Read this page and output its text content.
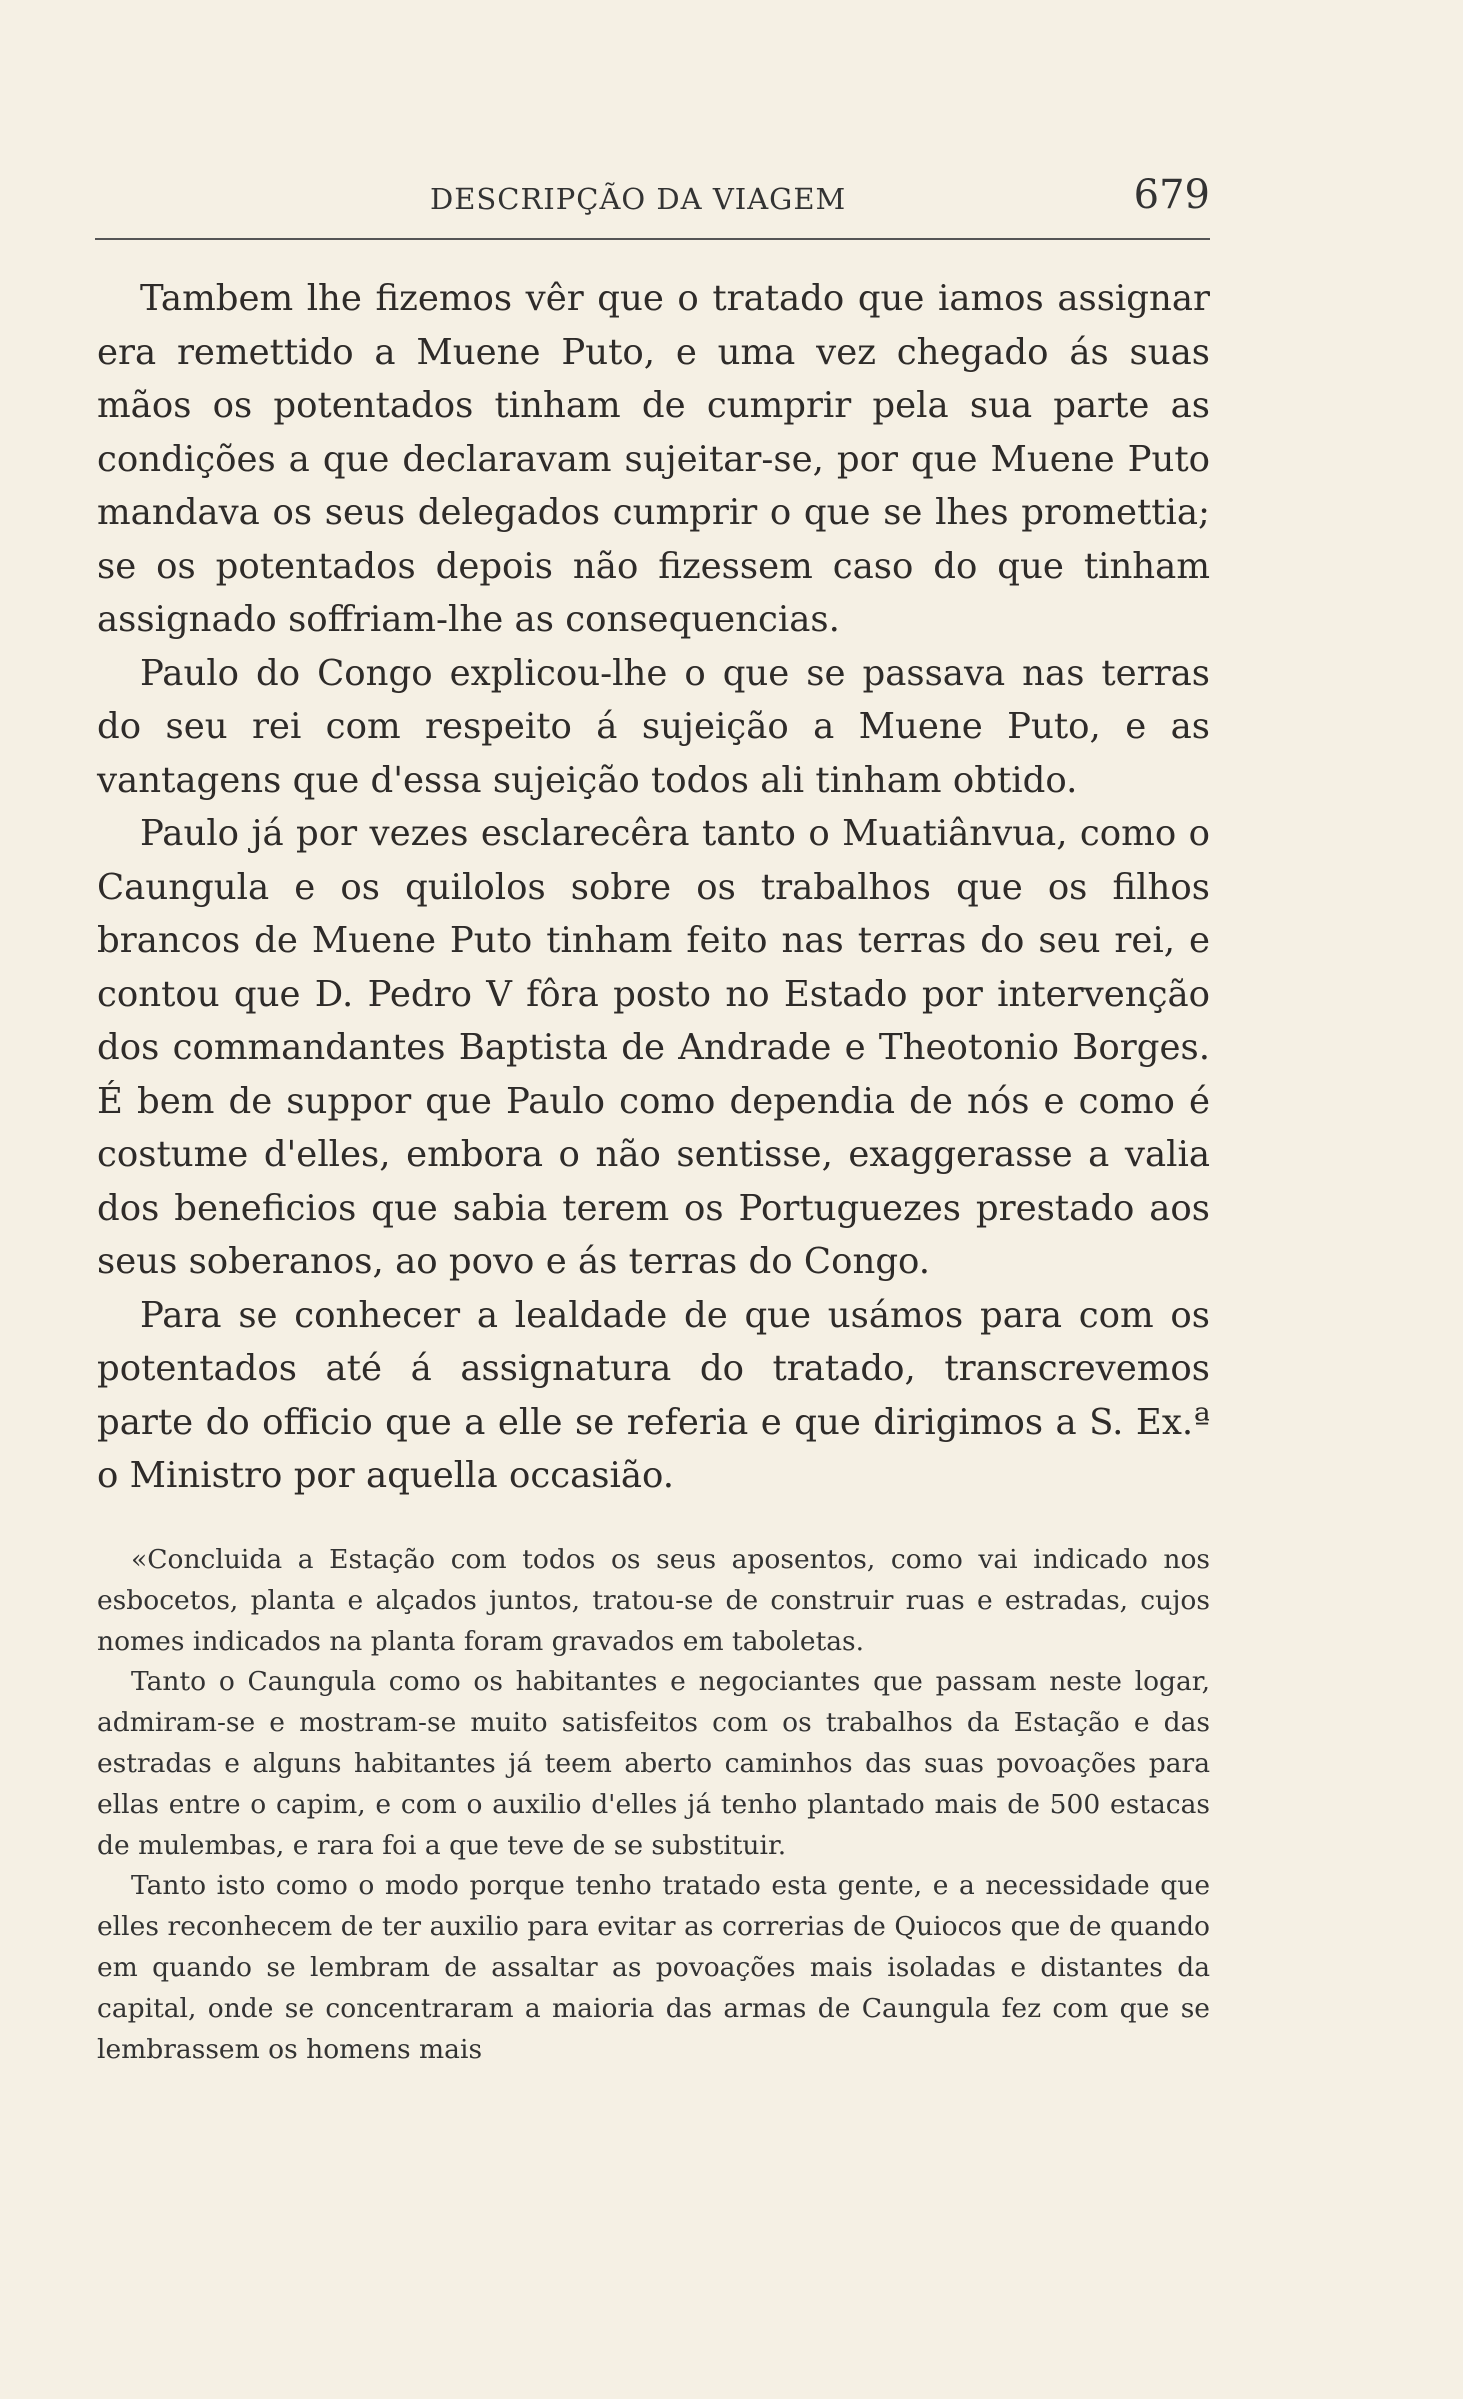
DESCRIPÇÃO DA VIAGEM	679

Tambem lhe fizemos vêr que o tratado que iamos assignar era remettido a Muene Puto, e uma vez chegado ás suas mãos os potentados tinham de cumprir pela sua parte as condições a que declaravam sujeitar-se, por que Muene Puto mandava os seus delegados cumprir o que se lhes promettia; se os potentados depois não fizessem caso do que tinham assignado soffriam-lhe as consequencias.

Paulo do Congo explicou-lhe o que se passava nas terras do seu rei com respeito á sujeição a Muene Puto, e as vantagens que d'essa sujeição todos ali tinham obtido.

Paulo já por vezes esclarecêra tanto o Muatiânvua, como o Caungula e os quilolos sobre os trabalhos que os filhos brancos de Muene Puto tinham feito nas terras do seu rei, e contou que D. Pedro V fôra posto no Estado por intervenção dos commandantes Baptista de Andrade e Theotonio Borges. É bem de suppor que Paulo como dependia de nós e como é costume d'elles, embora o não sentisse, exaggerasse a valia dos beneficios que sabia terem os Portuguezes prestado aos seus soberanos, ao povo e ás terras do Congo.

Para se conhecer a lealdade de que usámos para com os potentados até á assignatura do tratado, transcrevemos parte do officio que a elle se referia e que dirigimos a S. Ex.ª o Ministro por aquella occasião.

«Concluida a Estação com todos os seus aposentos, como vai indicado nos esbocetos, planta e alçados juntos, tratou-se de construir ruas e estradas, cujos nomes indicados na planta foram gravados em taboletas.

Tanto o Caungula como os habitantes e negociantes que passam neste logar, admiram-se e mostram-se muito satisfeitos com os trabalhos da Estação e das estradas e alguns habitantes já teem aberto caminhos das suas povoações para ellas entre o capim, e com o auxilio d'elles já tenho plantado mais de 500 estacas de mulembas, e rara foi a que teve de se substituir.

Tanto isto como o modo porque tenho tratado esta gente, e a necessidade que elles reconhecem de ter auxilio para evitar as correrias de Quiocos que de quando em quando se lembram de assaltar as povoações mais isoladas e distantes da capital, onde se concentraram a maioria das armas de Caungula fez com que se lembrassem os homens mais
